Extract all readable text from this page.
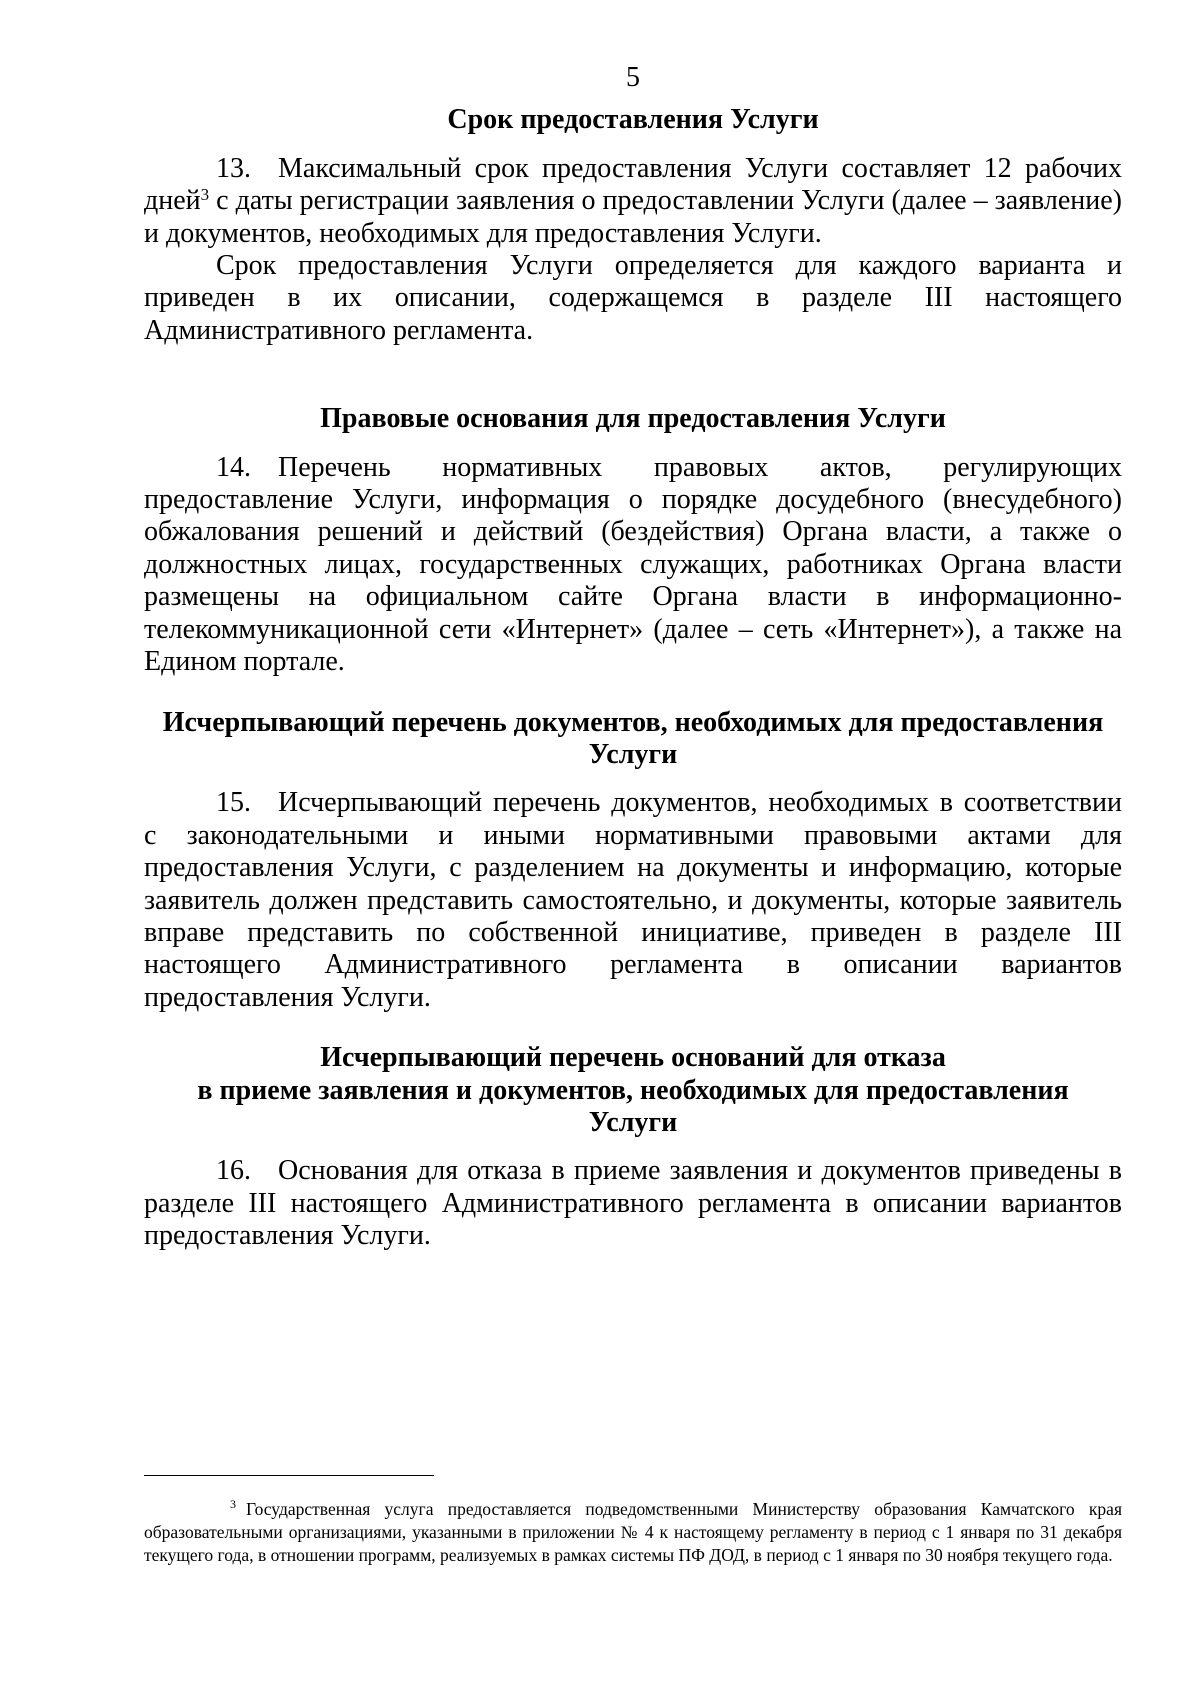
5
Срок предоставления Услуги

13. Максимальный срок предоставления Услуги составляет 12 рабочих дней$^3$ с даты регистрации заявления о предоставлении Услуги (далее – заявление) и документов, необходимых для предоставления Услуги.

Срок предоставления Услуги определяется для каждого варианта и приведен в их описании, содержащемся в разделе III настоящего Административного регламента.

Правовые основания для предоставления Услуги

14. Перечень нормативных правовых актов, регулирующих предоставление Услуги, информация о порядке досудебного (внесудебного) обжалования решений и действий (бездействия) Органа власти, а также о должностных лицах, государственных служащих, работниках Органа власти размещены на официальном сайте Органа власти в информационно-телекоммуникационной сети «Интернет» (далее – сеть «Интернет»), а также на Едином портале.

Исчерпывающий перечень документов, необходимых для предоставления
Услуги

15. Исчерпывающий перечень документов, необходимых в соответствии с законодательными и иными нормативными правовыми актами для предоставления Услуги, с разделением на документы и информацию, которые заявитель должен представить самостоятельно, и документы, которые заявитель вправе представить по собственной инициативе, приведен в разделе III настоящего Административного регламента в описании вариантов предоставления Услуги.

Исчерпывающий перечень оснований для отказа
в приеме заявления и документов, необходимых для предоставления
Услуги

16. Основания для отказа в приеме заявления и документов приведены в разделе III настоящего Административного регламента в описании вариантов предоставления Услуги.

$^3$ Государственная услуга предоставляется подведомственными Министерству образования Камчатского края образовательными организациями, указанными в приложении № 4 к настоящему регламенту в период с 1 января по 31 декабря текущего года, в отношении программ, реализуемых в рамках системы ПФ ДОД, в период с 1 января по 30 ноября текущего года.
